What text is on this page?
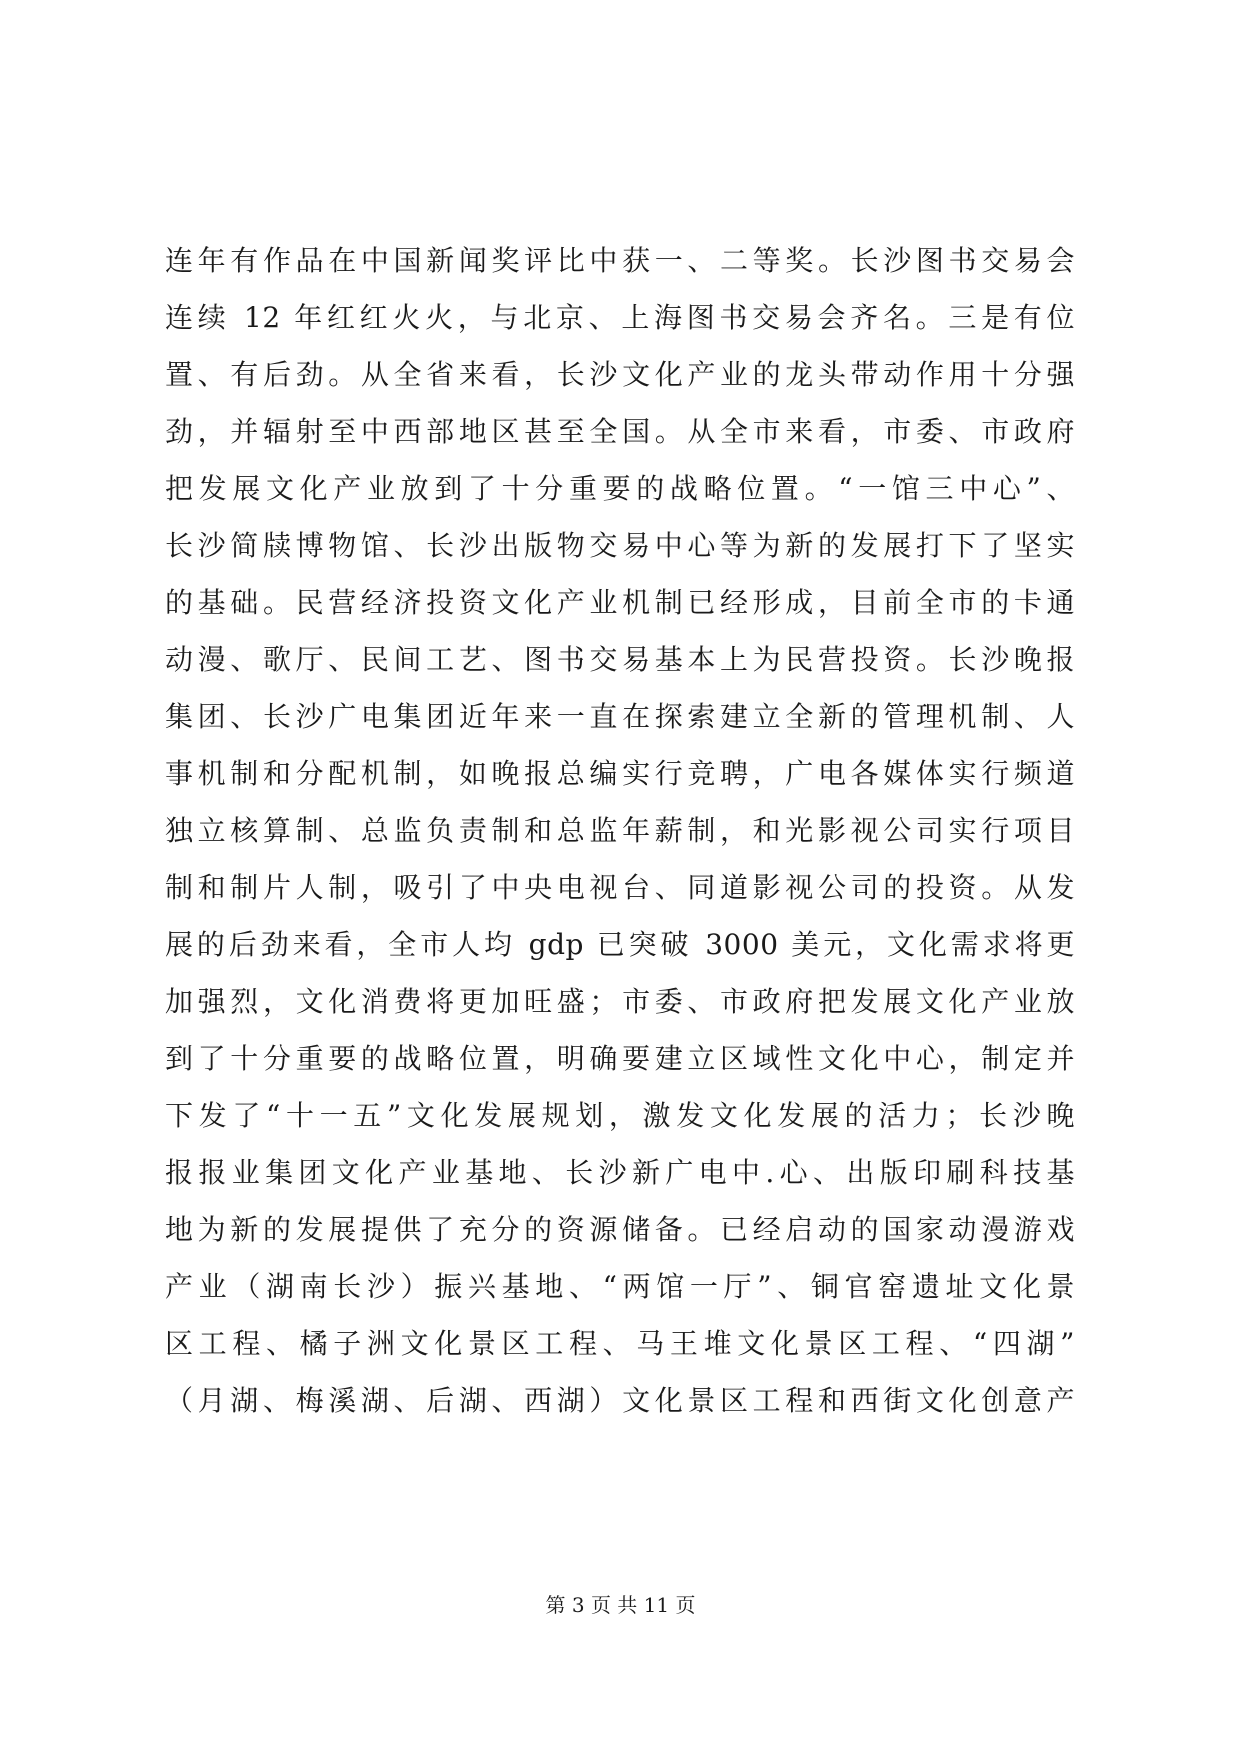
连年有作品在中国新闻奖评比中获一、二等奖。长沙图书交易会
连续 12 年红红火火，与北京、上海图书交易会齐名。三是有位
置、有后劲。从全省来看，长沙文化产业的龙头带动作用十分强
劲，并辐射至中西部地区甚至全国。从全市来看，市委、市政府
把发展文化产业放到了十分重要的战略位置。“一馆三中心”、
长沙简牍博物馆、长沙出版物交易中心等为新的发展打下了坚实
的基础。民营经济投资文化产业机制已经形成，目前全市的卡通
动漫、歌厅、民间工艺、图书交易基本上为民营投资。长沙晚报
集团、长沙广电集团近年来一直在探索建立全新的管理机制、人
事机制和分配机制，如晚报总编实行竞聘，广电各媒体实行频道
独立核算制、总监负责制和总监年薪制，和光影视公司实行项目
制和制片人制，吸引了中央电视台、同道影视公司的投资。从发
展的后劲来看，全市人均 gdp 已突破 3000 美元，文化需求将更
加强烈，文化消费将更加旺盛；市委、市政府把发展文化产业放
到了十分重要的战略位置，明确要建立区域性文化中心，制定并
下发了“十一五”文化发展规划，激发文化发展的活力；长沙晚
报报业集团文化产业基地、长沙新广电中.心、出版印刷科技基
地为新的发展提供了充分的资源储备。已经启动的国家动漫游戏
产业（湖南长沙）振兴基地、“两馆一厅”、铜官窑遗址文化景
区工程、橘子洲文化景区工程、马王堆文化景区工程、“四湖”
（月湖、梅溪湖、后湖、西湖）文化景区工程和西街文化创意产
第 3 页 共 11 页
